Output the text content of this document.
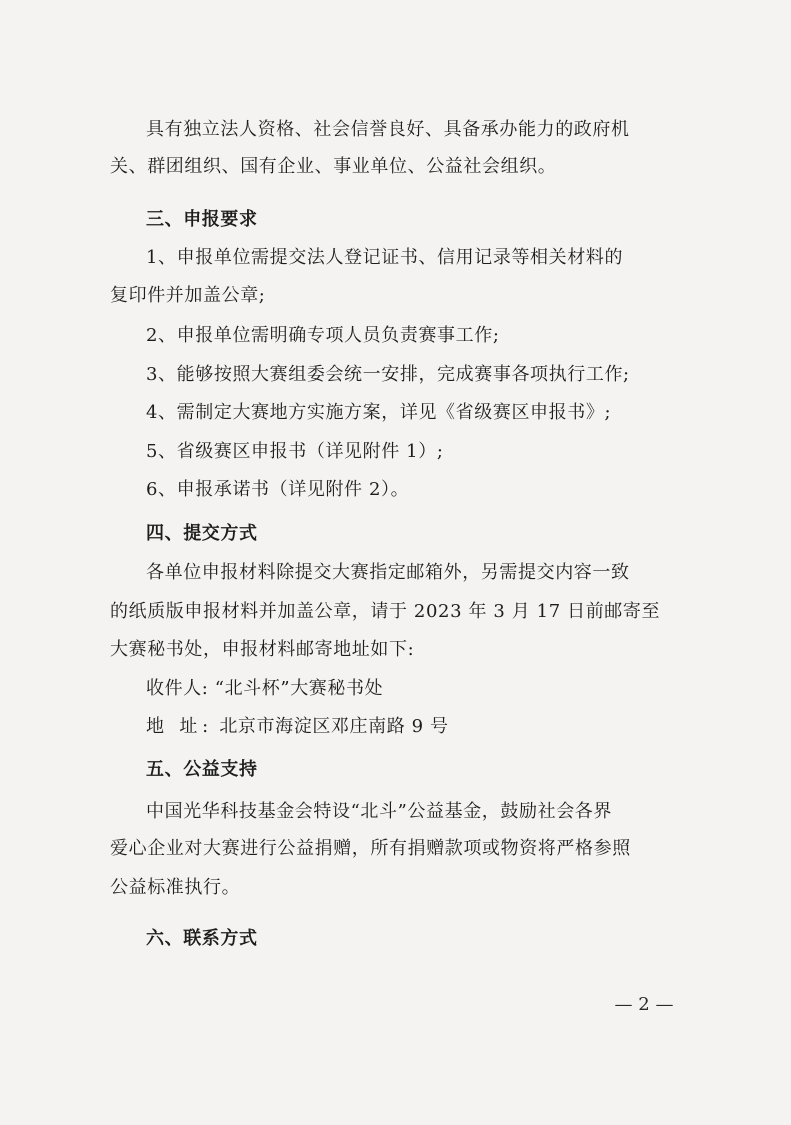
具有独立法人资格、社会信誉良好、具备承办能力的政府机
关、群团组织、国有企业、事业单位、公益社会组织。
三、申报要求
1、申报单位需提交法人登记证书、信用记录等相关材料的
复印件并加盖公章;
2、申报单位需明确专项人员负责赛事工作;
3、能够按照大赛组委会统一安排，完成赛事各项执行工作;
4、需制定大赛地方实施方案，详见《省级赛区申报书》;
5、省级赛区申报书（详见附件 1）;
6、申报承诺书（详见附件 2）。
四、提交方式
各单位申报材料除提交大赛指定邮箱外，另需提交内容一致
的纸质版申报材料并加盖公章，请于 2023 年 3 月 17 日前邮寄至
大赛秘书处，申报材料邮寄地址如下:
收件人: “北斗杯”大赛秘书处
地 址: 北京市海淀区邓庄南路 9 号
五、公益支持
中国光华科技基金会特设“北斗”公益基金，鼓励社会各界
爱心企业对大赛进行公益捐赠，所有捐赠款项或物资将严格参照
公益标准执行。
六、联系方式
— 2 —
